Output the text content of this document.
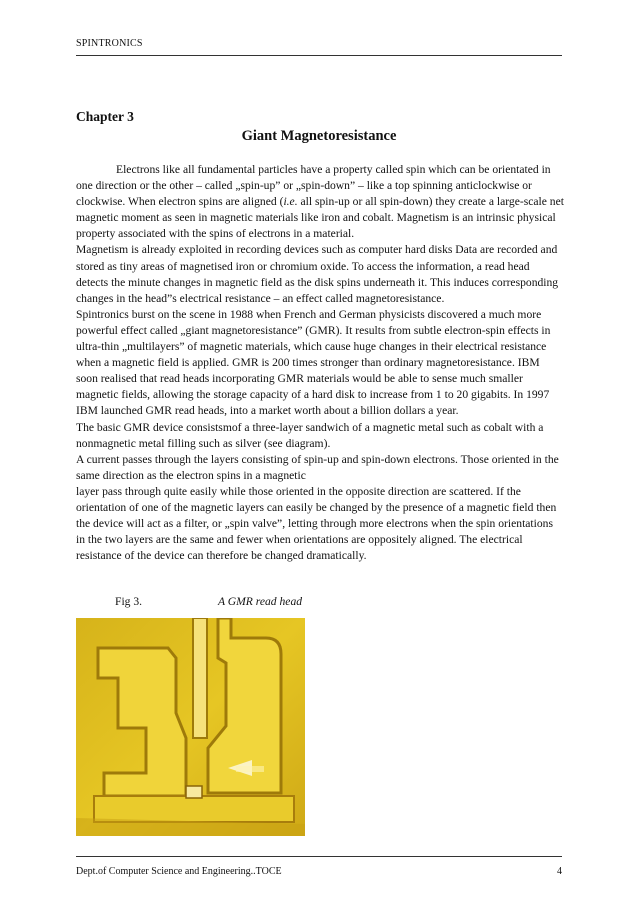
SPINTRONICS
Chapter 3
Giant Magnetoresistance

Electrons like all fundamental particles have a property called spin which can be orientated in one direction or the other – called „spin-up” or „spin-down” – like a top spinning anticlockwise or clockwise. When electron spins are aligned (i.e. all spin-up or all spin-down) they create a large-scale net magnetic moment as seen in magnetic materials like iron and cobalt. Magnetism is an intrinsic physical property associated with the spins of electrons in a material.

Magnetism is already exploited in recording devices such as computer hard disks Data are recorded and stored as tiny areas of magnetised iron or chromium oxide. To access the information, a read head detects the minute changes in magnetic field as the disk spins underneath it. This induces corresponding changes in the head”s electrical resistance – an effect called magnetoresistance.

Spintronics burst on the scene in 1988 when French and German physicists discovered a much more powerful effect called „giant magnetoresistance” (GMR). It results from subtle electron-spin effects in ultra-thin „multilayers” of magnetic materials, which cause huge changes in their electrical resistance when a magnetic field is applied. GMR is 200 times stronger than ordinary magnetoresistance. IBM soon realised that read heads incorporating GMR materials would be able to sense much smaller magnetic fields, allowing the storage capacity of a hard disk to increase from 1 to 20 gigabits. In 1997 IBM launched GMR read heads, into a market worth about a billion dollars a year.

The basic GMR device consistsmof a three-layer sandwich of a magnetic metal such as cobalt with a nonmagnetic metal filling such as silver (see diagram).

A current passes through the layers consisting of spin-up and spin-down electrons. Those oriented in the same direction as the electron spins in a magnetic

layer pass through quite easily while those oriented in the opposite direction are scattered. If the orientation of one of the magnetic layers can easily be changed by the presence of a magnetic field then the device will act as a filter, or „spin valve”, letting through more electrons when the spin orientations in the two layers are the same and fewer when orientations are oppositely aligned. The electrical resistance of the device can therefore be changed dramatically.

Fig 3.	A GMR read head
Dept.of Computer Science and Engineering..TOCE	4
